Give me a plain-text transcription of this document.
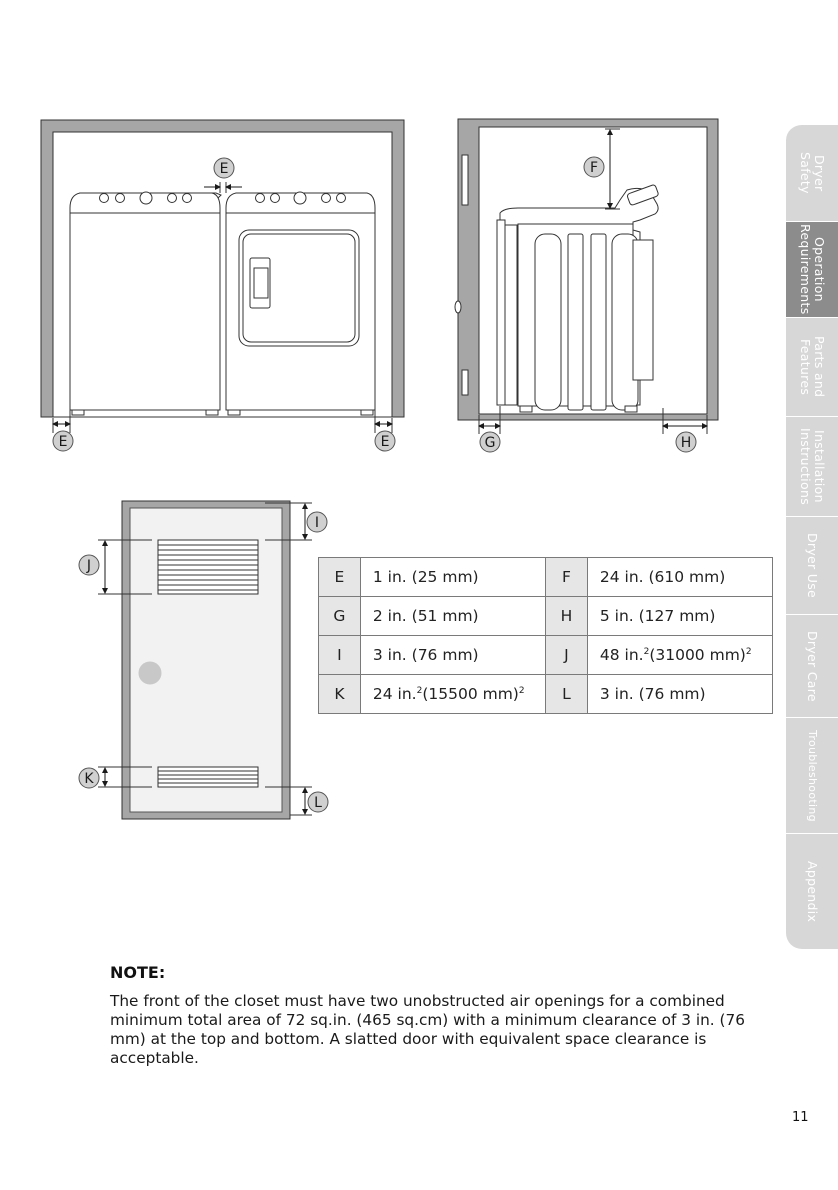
E
E	E
F
G	H
I
J
K
L
E	1 in. (25 mm)	F	24 in. (610 mm)
G	2 in. (51 mm)	H	5 in. (127 mm)
I	3 in. (76 mm)	J	48 in.$^2$(31000 mm)$^2$
K	24 in.$^2$(15500 mm)$^2$	L	3 in. (76 mm)
NOTE:
The front of the closet must have two unobstructed air openings for a combined minimum total area of 72 sq.in. (465 sq.cm) with a minimum clearance of 3 in. (76 mm) at the top and bottom. A slatted door with equivalent space clearance is acceptable.
Dryer
Safety
Operation
Requirements
Parts and
Features
Installation
Instructions
Dryer Use
Dryer Care
Troubleshooting
Appendix
11
